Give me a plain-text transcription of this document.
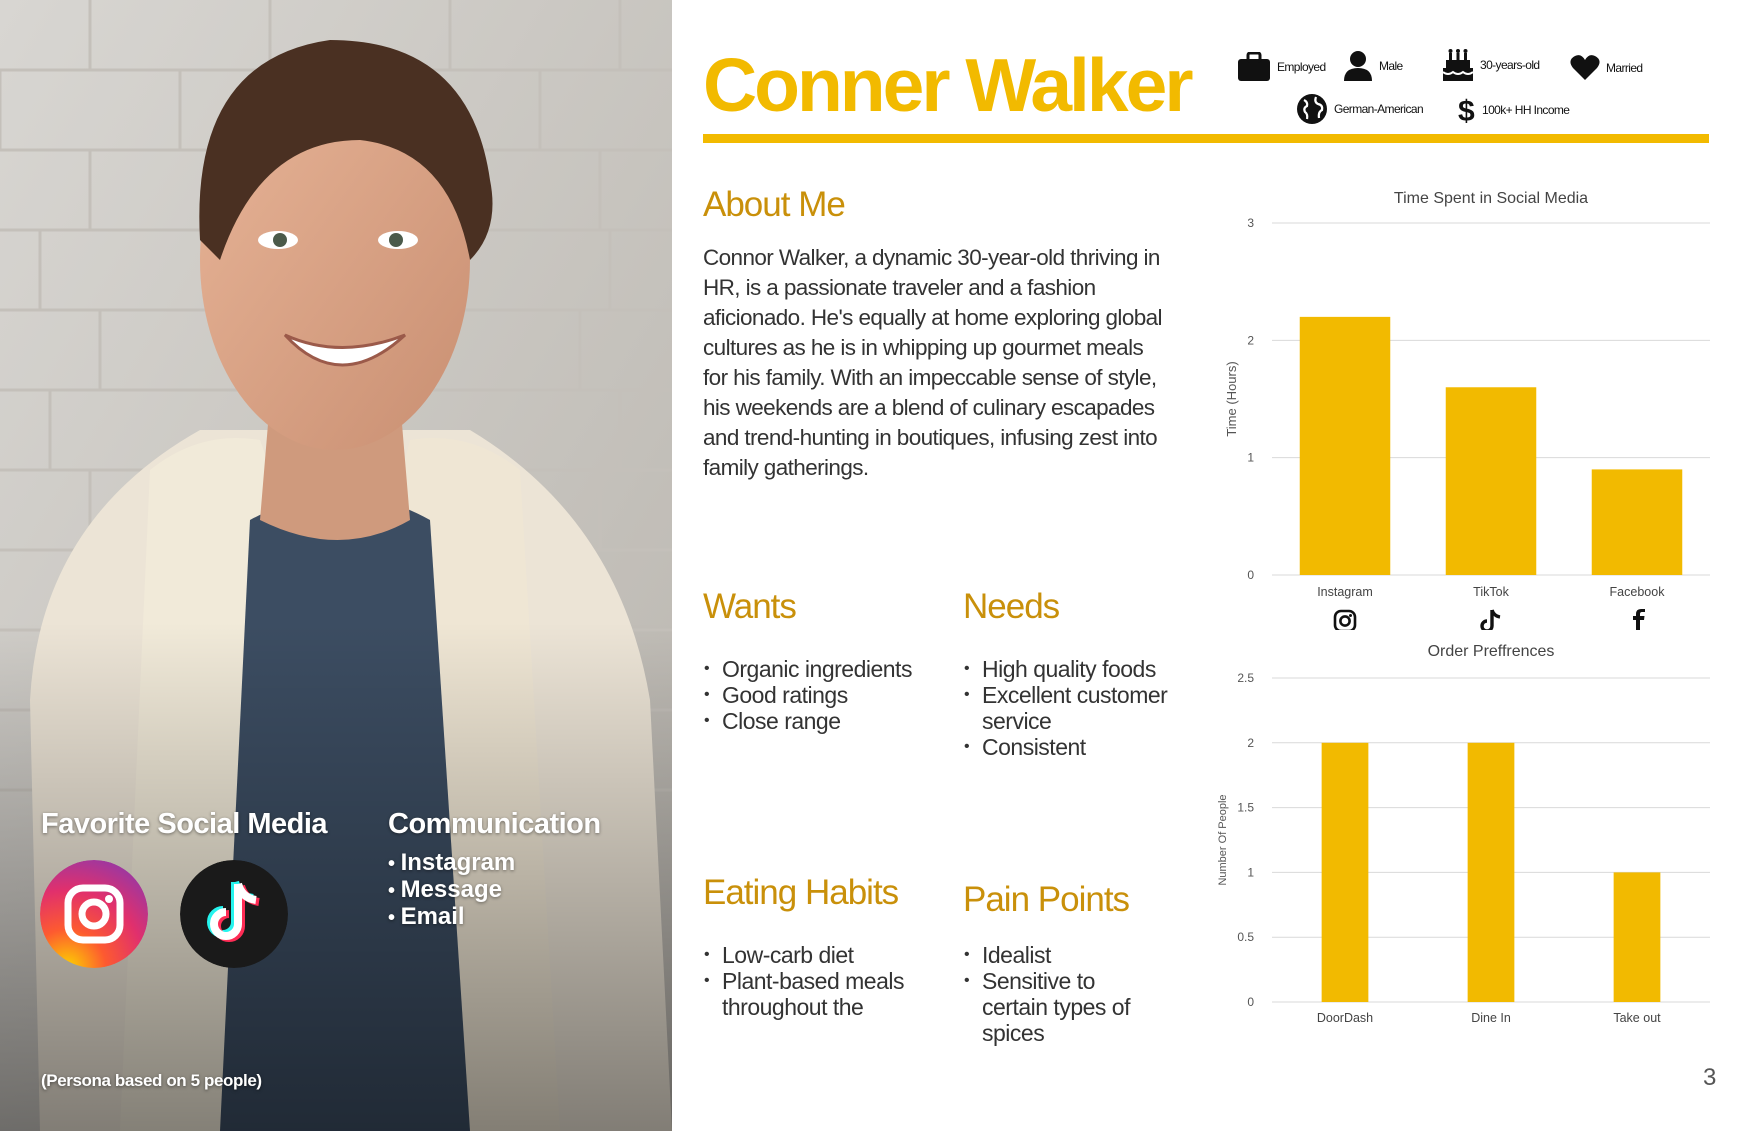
Favorite Social Media Communication
• Instagram
• Message
• Email
(Persona based on 5 people)
Conner Walker	Employed	Male	30-years-old	Married
German-American $ 100k+ HH Income
About Me

Connor Walker, a dynamic 30-year-old thriving in HR, is a passionate traveler and a fashion aficionado. He's equally at home exploring global cultures as he is in whipping up gourmet meals for his family. With an impeccable sense of style, his weekends are a blend of culinary escapades and trend-hunting in boutiques, infusing zest into family gatherings.

Wants
• Organic ingredients
• Good ratings
• Close range
Needs
• High quality foods
• Excellent customer service
• Consistent
Eating Habits
• Low-carb diet
• Plant-based meals throughout the
Pain Points
• Idealist
• Sensitive to certain types of spices
Time Spent in Social Media
0
1
2
3
Time (Hours)
Instagram	TikTok	Facebook
Order Preffrences
0
0.5
1
1.5
2
2.5
Number Of People
DoorDash	Dine In	Take out
3
